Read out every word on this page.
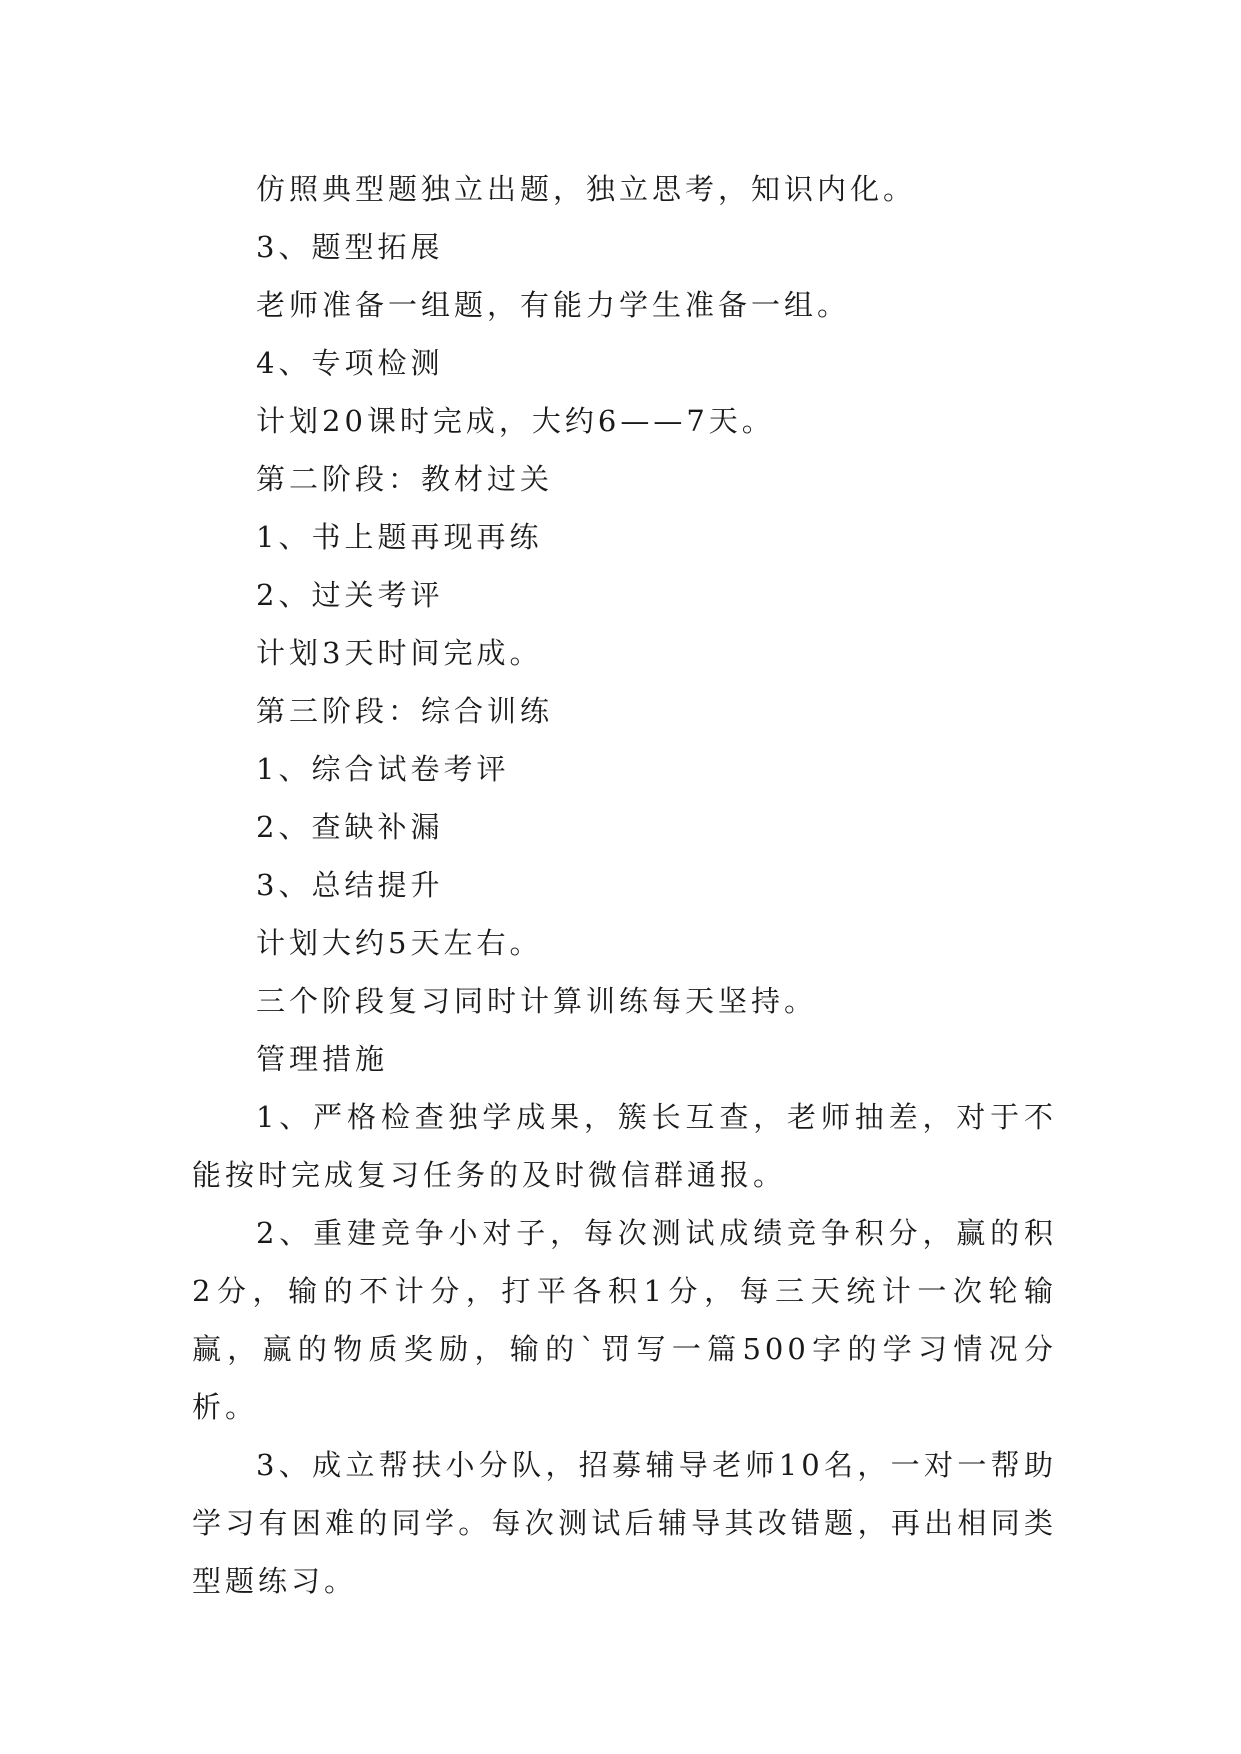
仿照典型题独立出题，独立思考，知识内化。
3、题型拓展
老师准备一组题，有能力学生准备一组。
4、专项检测
计划20课时完成，大约6——7天。
第二阶段：教材过关
1、书上题再现再练
2、过关考评
计划3天时间完成。
第三阶段：综合训练
1、综合试卷考评
2、查缺补漏
3、总结提升
计划大约5天左右。
三个阶段复习同时计算训练每天坚持。
管理措施

1、严格检查独学成果，簇长互查，老师抽差，对于不能按时完成复习任务的及时微信群通报。

2、重建竞争小对子，每次测试成绩竞争积分，赢的积2分，输的不计分，打平各积1分，每三天统计一次轮输赢，赢的物质奖励，输的`罚写一篇500字的学习情况分析。

3、成立帮扶小分队，招募辅导老师10名，一对一帮助学习有困难的同学。每次测试后辅导其改错题，再出相同类型题练习。
